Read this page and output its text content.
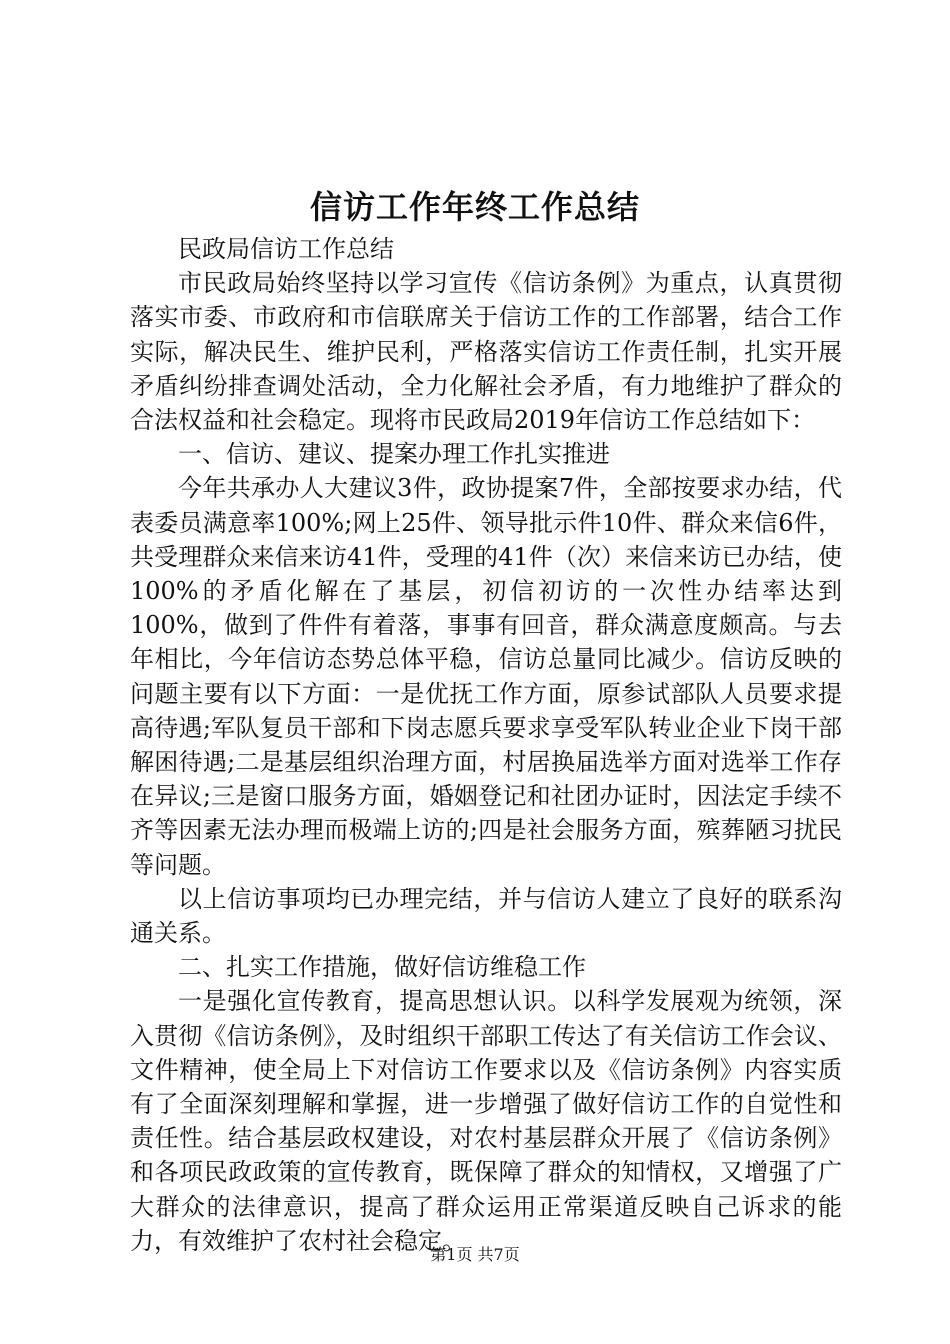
信访工作年终工作总结

民政局信访工作总结

市民政局始终坚持以学习宣传《信访条例》为重点，认真贯彻落实市委、市政府和市信联席关于信访工作的工作部署，结合工作实际，解决民生、维护民利，严格落实信访工作责任制，扎实开展矛盾纠纷排查调处活动，全力化解社会矛盾，有力地维护了群众的合法权益和社会稳定。现将市民政局2019年信访工作总结如下：

一、信访、建议、提案办理工作扎实推进

今年共承办人大建议3件，政协提案7件，全部按要求办结，代表委员满意率100%;网上25件、领导批示件10件、群众来信6件，共受理群众来信来访41件，受理的41件（次）来信来访已办结，使100%的矛盾化解在了基层，初信初访的一次性办结率达到100%，做到了件件有着落，事事有回音，群众满意度颇高。与去年相比，今年信访态势总体平稳，信访总量同比减少。信访反映的问题主要有以下方面：一是优抚工作方面，原参试部队人员要求提高待遇;军队复员干部和下岗志愿兵要求享受军队转业企业下岗干部解困待遇;二是基层组织治理方面，村居换届选举方面对选举工作存在异议;三是窗口服务方面，婚姻登记和社团办证时，因法定手续不齐等因素无法办理而极端上访的;四是社会服务方面，殡葬陋习扰民等问题。

以上信访事项均已办理完结，并与信访人建立了良好的联系沟通关系。

二、扎实工作措施，做好信访维稳工作

一是强化宣传教育，提高思想认识。以科学发展观为统领，深入贯彻《信访条例》，及时组织干部职工传达了有关信访工作会议、文件精神，使全局上下对信访工作要求以及《信访条例》内容实质有了全面深刻理解和掌握，进一步增强了做好信访工作的自觉性和责任性。结合基层政权建设，对农村基层群众开展了《信访条例》和各项民政政策的宣传教育，既保障了群众的知情权，又增强了广大群众的法律意识，提高了群众运用正常渠道反映自己诉求的能力，有效维护了农村社会稳定。

第1页 共7页
